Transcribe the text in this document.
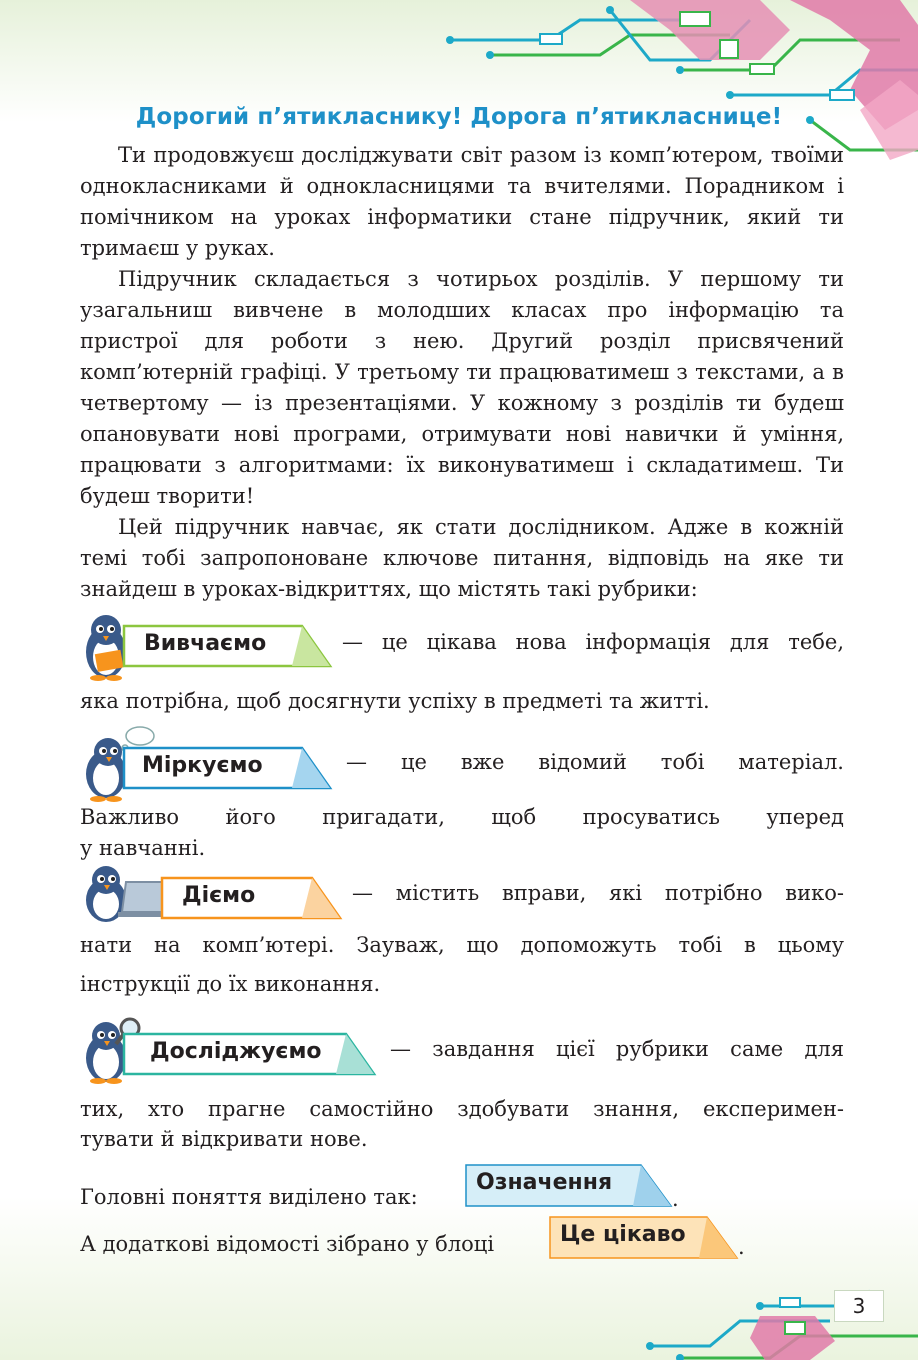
Дорогий п’ятикласнику! Дорога п’ятикласнице!

Ти продовжуєш досліджувати світ разом із комп’ютером, твоїми однокласниками й однокласницями та вчителями. Порадником і помічником на уроках інформатики стане підручник, який ти тримаєш у руках.

Підручник складається з чотирьох розділів. У першому ти узагальниш вивчене в молодших класах про інформацію та пристрої для роботи з нею. Другий розділ присвячений комп’ютерній графіці. У третьому ти працюватимеш з текстами, а в четвертому — із презентаціями. У кожному з розділів ти будеш опановувати нові програми, отримувати нові навички й уміння, працювати з алгоритмами: їх виконуватимеш і складатимеш. Ти будеш творити!

Цей підручник навчає, як стати дослідником. Адже в кожній темі тобі запропоноване ключове питання, відповідь на яке ти знайдеш в уроках-відкриттях, що містять такі рубрики:

Вивчаємо	— це цікава нова інформація для тебе,
яка потрібна, щоб досягнути успіху в предметі та житті.
Міркуємо	— це вже відомий тобі матеріал.
Важливо його пригадати, щоб просуватись уперед
у навчанні.
Діємо	— містить вправи, які потрібно вико-
нати на комп’ютері. Зауваж, що допоможуть тобі в цьому
інструкції до їх виконання.
Досліджуємо	— завдання цієї рубрики саме для
тих, хто прагне самостійно здобувати знання, експеримен-
тувати й відкривати нове.
Головні поняття виділено так:
Означення
.
А додаткові відомості зібрано у блоці	Це цікаво .
3
